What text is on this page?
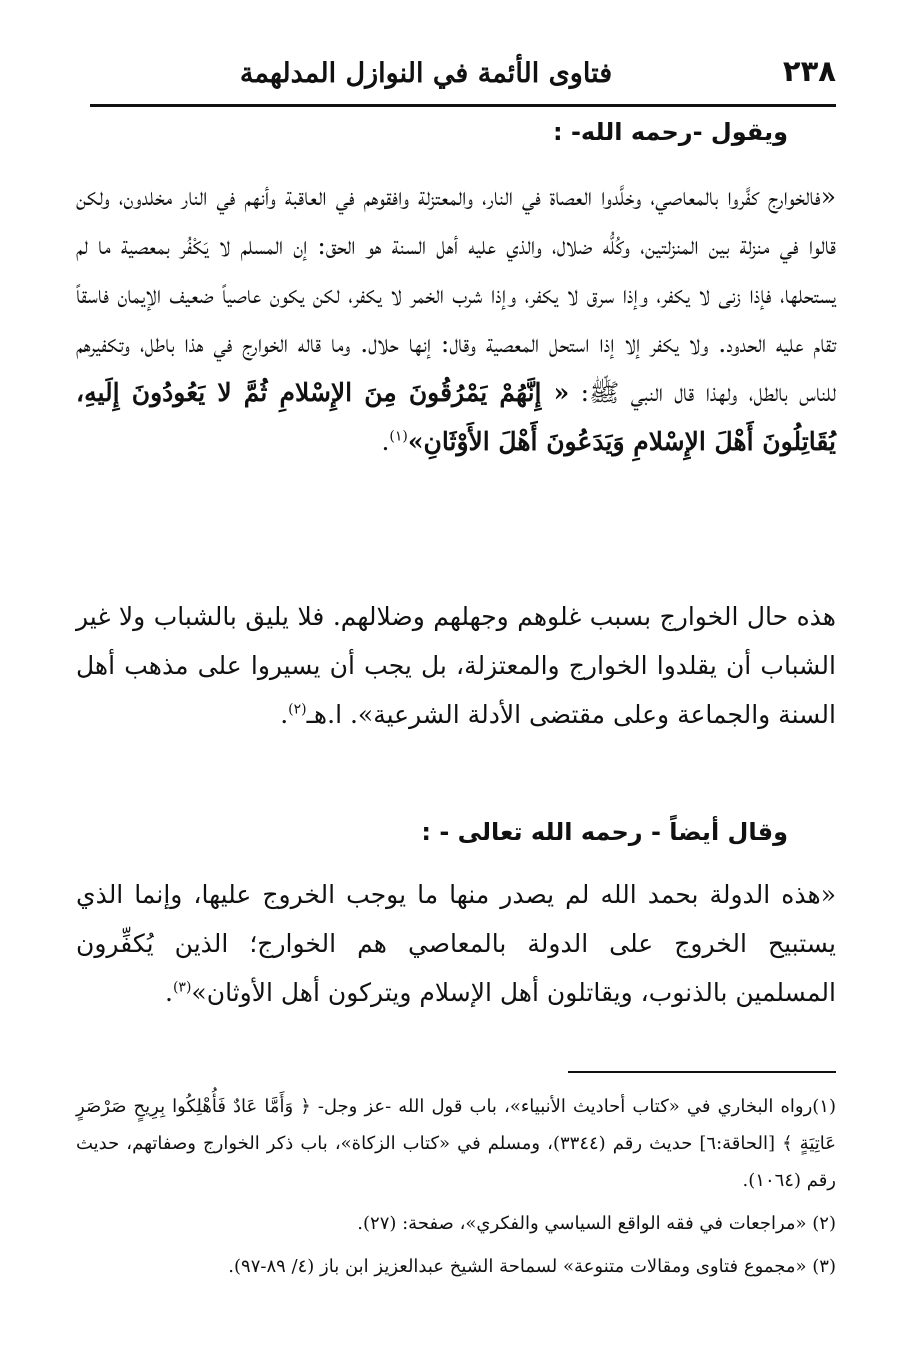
٢٣٨
فتاوى الأئمة في النوازل المدلهمة
ويقول -رحمه الله- :
«فالخوارج كفَّروا بالمعاصي، وخلَّدوا العصاة في النار، والمعتزلة وافقوهم في العاقبة وأنهم في النار مخلدون، ولكن قالوا في منزلة بين المنزلتين، وكُلُّه ضلال، والذي عليه أهل السنة هو الحق: إن المسلم لا يَكْفُر بمعصية ما لم يستحلها، فإذا زنى لا يكفر، وإذا سرق لا يكفر، وإذا شرب الخمر لا يكفر، لكن يكون عاصياً ضعيف الإيمان فاسقاً تقام عليه الحدود. ولا يكفر إلا إذا استحل المعصية وقال: إنها حلال. وما قاله الخوارج في هذا باطل، وتكفيرهم للناس بالطل، ولهذا قال النبي ﷺ: « إِنَّهُمْ يَمْرُقُونَ مِنَ الإِسْلامِ ثُمَّ لا يَعُودُونَ إِلَيهِ، يُقَاتِلُونَ أَهْلَ الإِسْلامِ وَيَدَعُونَ أَهْلَ الأَوْثَانِ»$^{(١)}$.
هذه حال الخوارج بسبب غلوهم وجهلهم وضلالهم. فلا يليق بالشباب ولا غير الشباب أن يقلدوا الخوارج والمعتزلة، بل يجب أن يسيروا على مذهب أهل السنة والجماعة وعلى مقتضى الأدلة الشرعية». ا.هـ$^{(٢)}$.
وقال أيضاً - رحمه الله تعالى - :
«هذه الدولة بحمد الله لم يصدر منها ما يوجب الخروج عليها، وإنما الذي يستبيح الخروج على الدولة بالمعاصي هم الخوارج؛ الذين يُكفِّرون المسلمين بالذنوب، ويقاتلون أهل الإسلام ويتركون أهل الأوثان»$^{(٣)}$.

(١)رواه البخاري في «كتاب أحاديث الأنبياء»، باب قول الله -عز وجل- ﴿ وَأَمَّا عَادٌ فَأُهْلِكُوا بِرِيحٍ صَرْصَرٍ عَاتِيَةٍ ﴾ [الحاقة:٦] حديث رقم (٣٣٤٤)، ومسلم في «كتاب الزكاة»، باب ذكر الخوارج وصفاتهم، حديث رقم (١٠٦٤).

(٢) «مراجعات في فقه الواقع السياسي والفكري»، صفحة: (٢٧).

(٣) «مجموع فتاوى ومقالات متنوعة» لسماحة الشيخ عبدالعزيز ابن باز (٤/ ٨٩-٩٧).
